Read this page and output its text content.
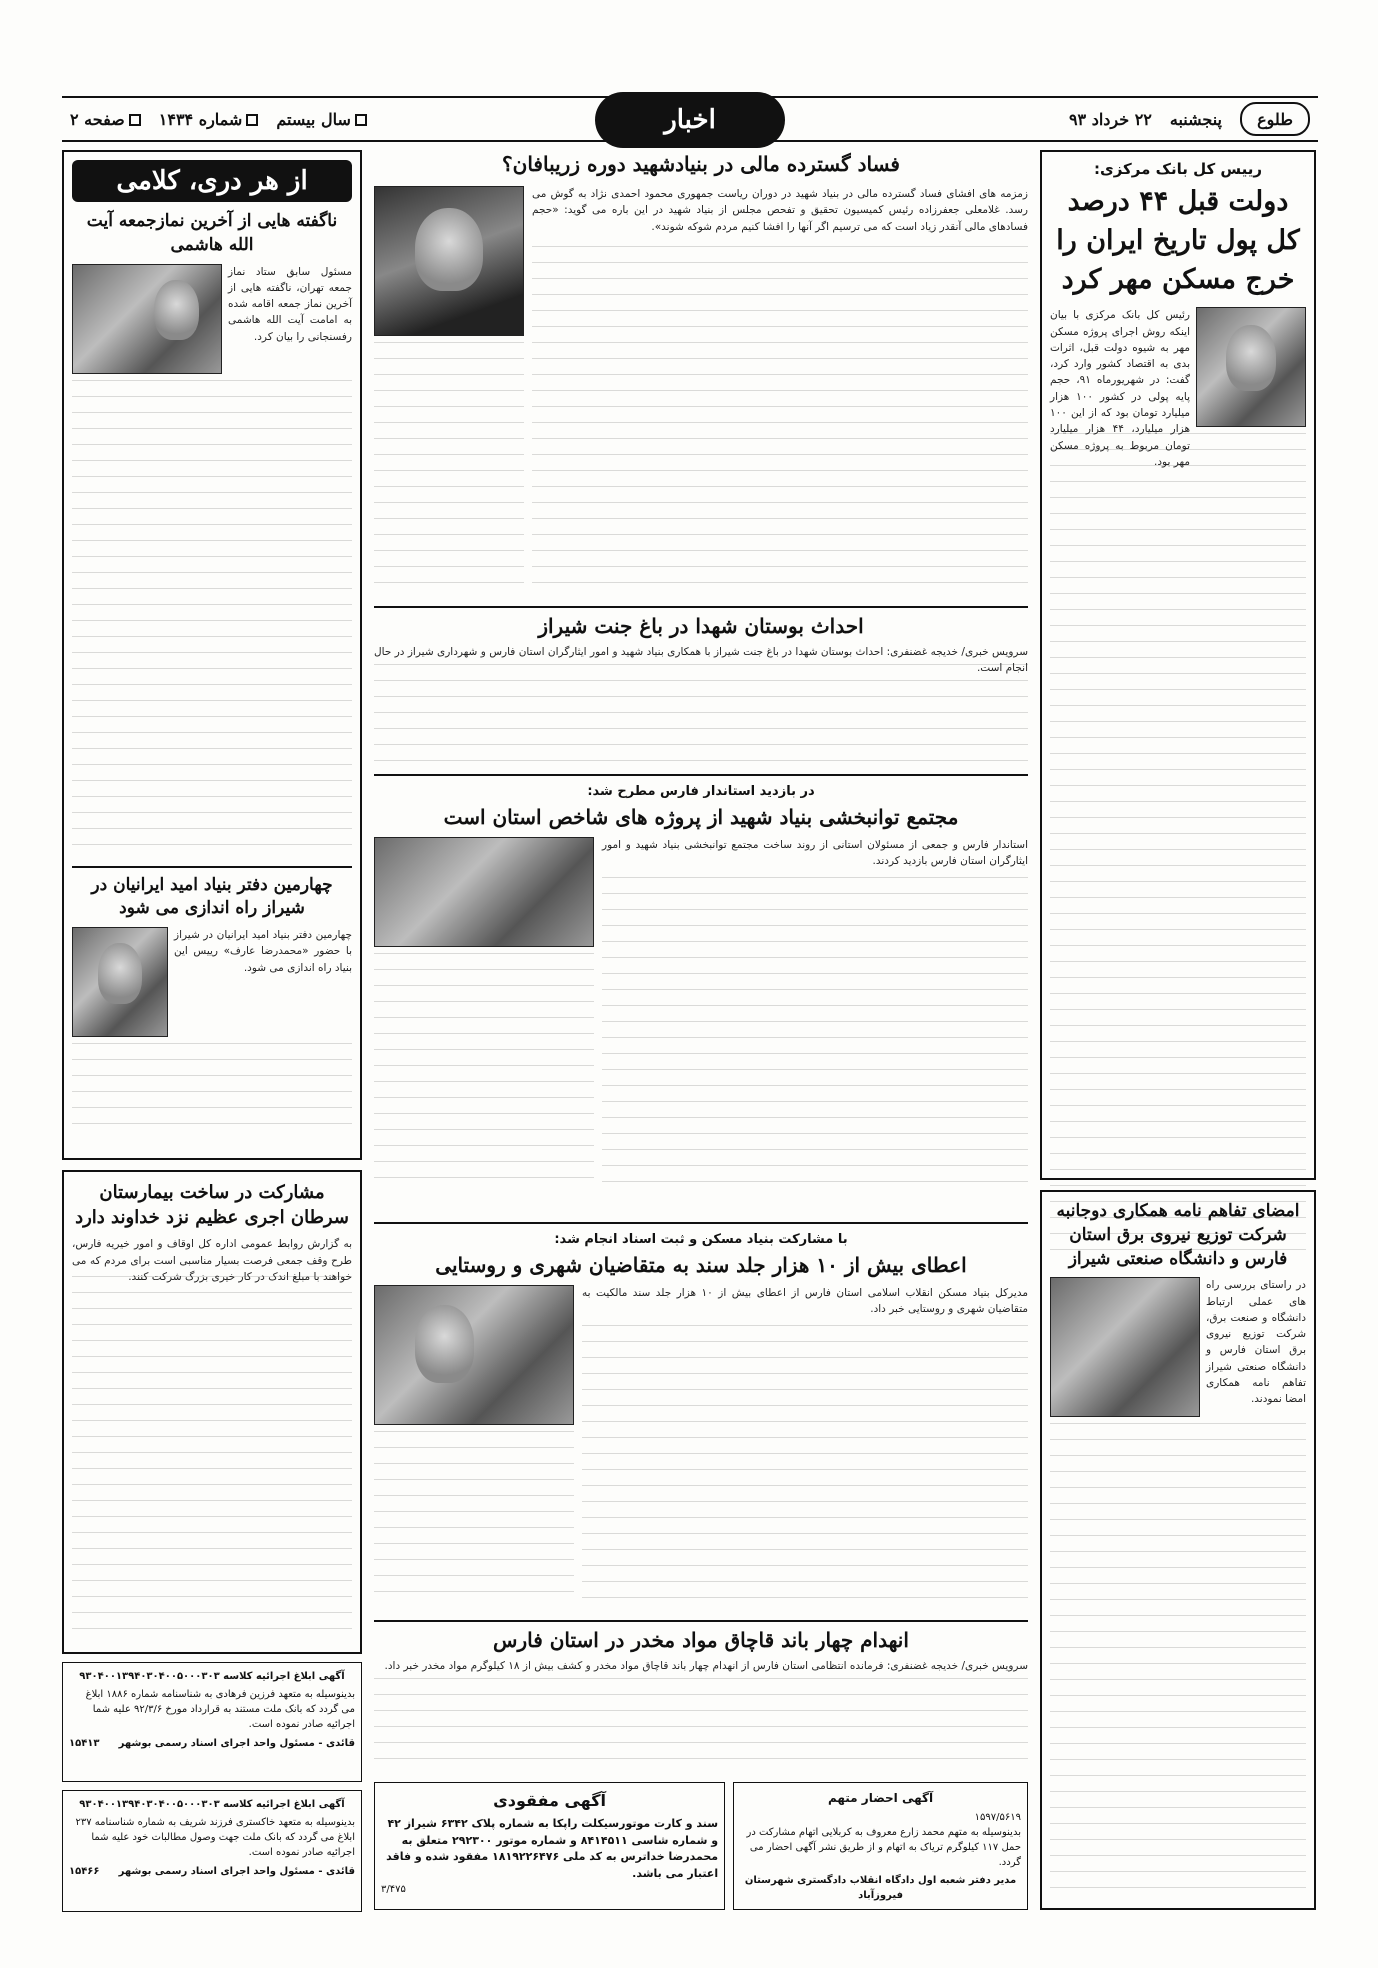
طلوع
پنجشنبه
۲۲ خرداد ۹۳
اخبار
سال بیستم
شماره ۱۴۳۴
صفحه ۲
رییس کل بانک مرکزی:
دولت قبل ۴۴ درصد کل پول تاریخ ایران را خرج مسکن مهر کرد
رئیس کل بانک مرکزی با بیان اینکه روش اجرای پروژه مسکن مهر به شیوه دولت قبل، اثرات بدی به اقتصاد کشور وارد کرد، گفت: در شهریورماه ۹۱، حجم پایه پولی در کشور ۱۰۰ هزار میلیارد تومان بود که از این ۱۰۰ هزار میلیارد، ۴۴ هزار میلیارد تومان مربوط به پروژه مسکن مهر بود.
امضای تفاهم نامه همکاری دوجانبه شرکت توزیع نیروی برق استان فارس و دانشگاه صنعتی شیراز
در راستای بررسی راه های عملی ارتباط دانشگاه و صنعت برق، شرکت توزیع نیروی برق استان فارس و دانشگاه صنعتی شیراز تفاهم نامه همکاری امضا نمودند.
فساد گسترده مالی در بنیادشهید دوره زریبافان؟
زمزمه های افشای فساد گسترده مالی در بنیاد شهید در دوران ریاست جمهوری محمود احمدی نژاد به گوش می رسد. غلامعلی جعفرزاده رئیس کمیسیون تحقیق و تفحص مجلس از بنیاد شهید در این باره می گوید: «حجم فسادهای مالی آنقدر زیاد است که می ترسیم اگر آنها را افشا کنیم مردم شوکه شوند».
احداث بوستان شهدا در باغ جنت شیراز
سرویس خبری/ خدیجه غضنفری: احداث بوستان شهدا در باغ جنت شیراز با همکاری بنیاد شهید و امور ایثارگران استان فارس و شهرداری شیراز در حال انجام است.
در بازدید استاندار فارس مطرح شد:
مجتمع توانبخشی بنیاد شهید از پروژه های شاخص استان است
استاندار فارس و جمعی از مسئولان استانی از روند ساخت مجتمع توانبخشی بنیاد شهید و امور ایثارگران استان فارس بازدید کردند.
با مشارکت بنیاد مسکن و ثبت اسناد انجام شد:
اعطای بیش از ۱۰ هزار جلد سند به متقاضیان شهری و روستایی
مدیرکل بنیاد مسکن انقلاب اسلامی استان فارس از اعطای بیش از ۱۰ هزار جلد سند مالکیت به متقاضیان شهری و روستایی خبر داد.
انهدام چهار باند قاچاق مواد مخدر در استان فارس
سرویس خبری/ خدیجه غضنفری: فرمانده انتظامی استان فارس از انهدام چهار باند قاچاق مواد مخدر و کشف بیش از ۱۸ کیلوگرم مواد مخدر خبر داد.
آگهی احضار متهم
۱۵۹۷/۵۶۱۹
بدینوسیله به متهم محمد زارع معروف به کربلایی اتهام مشارکت در حمل ۱۱۷ کیلوگرم تریاک به اتهام و از طریق نشر آگهی احضار می گردد.
مدیر دفتر شعبه اول دادگاه انقلاب دادگستری شهرستان فیروزآباد
آگهی مفقودی
سند و کارت موتورسیکلت راپکا به شماره پلاک ۶۳۴۲ شیراز ۴۲ و شماره شاسی ۸۴۱۴۵۱۱ و شماره موتور ۲۹۲۳۰۰ متعلق به محمدرضا خداترس به کد ملی ۱۸۱۹۲۲۶۴۷۶ مفقود شده و فاقد اعتبار می باشد.
۳/۴۷۵
از هر دری، کلامی
ناگفته هایی از آخرین نمازجمعه آیت الله هاشمی
مسئول سابق ستاد نماز جمعه تهران، ناگفته هایی از آخرین نماز جمعه اقامه شده به امامت آیت الله هاشمی رفسنجانی را بیان کرد.
چهارمین دفتر بنیاد امید ایرانیان در شیراز راه اندازی می شود
چهارمین دفتر بنیاد امید ایرانیان در شیراز با حضور «محمدرضا عارف» رییس این بنیاد راه اندازی می شود.
مشارکت در ساخت بیمارستان سرطان اجری عظیم نزد خداوند دارد
به گزارش روابط عمومی اداره کل اوقاف و امور خیریه فارس، طرح وقف جمعی فرصت بسیار مناسبی است برای مردم که می خواهند با مبلغ اندک در کار خیری بزرگ شرکت کنند.
آگهی ابلاغ اجرائیه کلاسه ۹۳۰۴۰۰۱۳۹۴۰۳۰۴۰۰۵۰۰۰۳۰۳
بدینوسیله به متعهد فرزین فرهادی به شناسنامه شماره ۱۸۸۶ ابلاغ می گردد که بانک ملت مستند به قرارداد مورخ ۹۲/۳/۶ علیه شما اجرائیه صادر نموده است.
قائدی - مسئول واحد اجرای اسناد رسمی بوشهر
۱۵۴۱۳
آگهی ابلاغ اجرائیه کلاسه ۹۳۰۴۰۰۱۳۹۴۰۳۰۴۰۰۵۰۰۰۳۰۳
بدینوسیله به متعهد خاکستری فرزند شریف به شماره شناسنامه ۲۳۷ ابلاغ می گردد که بانک ملت جهت وصول مطالبات خود علیه شما اجرائیه صادر نموده است.
قائدی - مسئول واحد اجرای اسناد رسمی بوشهر
۱۵۴۶۶
